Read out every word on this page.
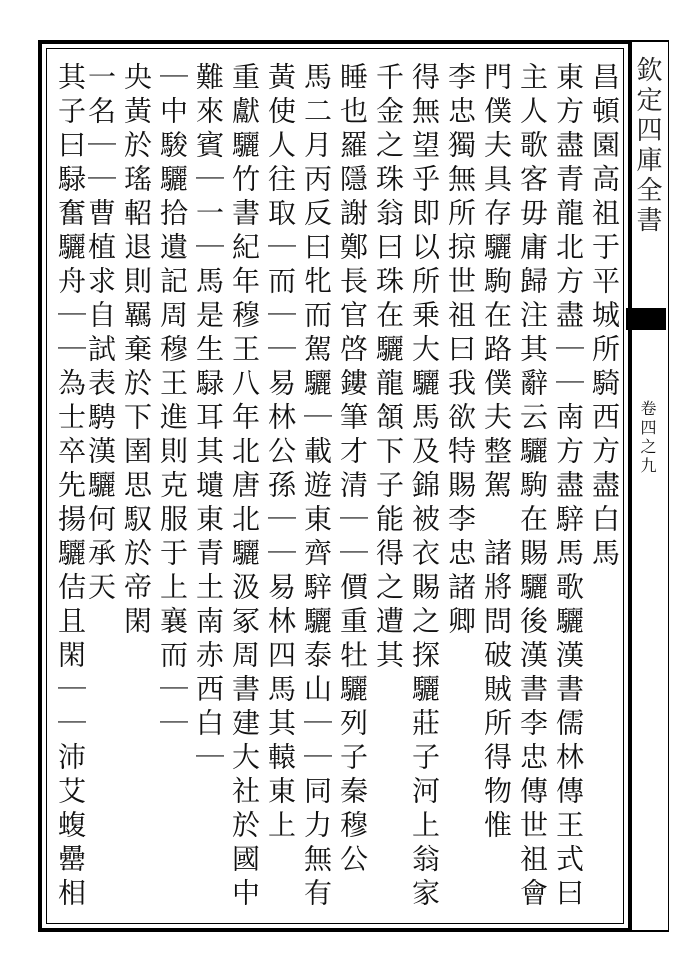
欽定四庫全書
卷四之九
昌頓園高祖于平城所騎西方盡白馬
東方盡青龍北方盡｜｜南方盡騂馬歌驪漢書儒林傳王式曰
主人歌客毋庸歸注其辭云驪駒在賜驪後漢書李忠傳世祖會
門僕夫具存驪駒在路僕夫整駕　諸將問破賊所得物惟
李忠獨無所掠世祖曰我欲特賜李忠諸卿
得無望乎即以所乗大驪馬及錦被衣賜之探驪莊子河上翁家
千金之珠翁曰珠在驪龍頷下子能得之遭其
睡也羅隱謝鄭長官啓鏤筆才清｜｜價重牡驪列子秦穆公
馬二月丙反曰牝而駕驪｜載遊東齊騂驪泰山｜｜同力無有
黃使人往取｜而｜｜易林公孫｜｜易林四馬其轅東上
重獻驪竹書紀年穆王八年北唐北驪汲冢周書建大社於國中
難來賓｜一｜馬是生騄耳其壝東青土南赤西白｜
｜中駿驪拾遺記周穆王進則克服于上襄而｜｜
央黃於瑤軺退則羈棄於下圉思馭於帝閑
一名｜｜曹植求自試表騁漢驪何承天
其子曰騄奮驪舟｜｜為士卒先揚驪佶且閑｜｜沛艾蝮罍相
